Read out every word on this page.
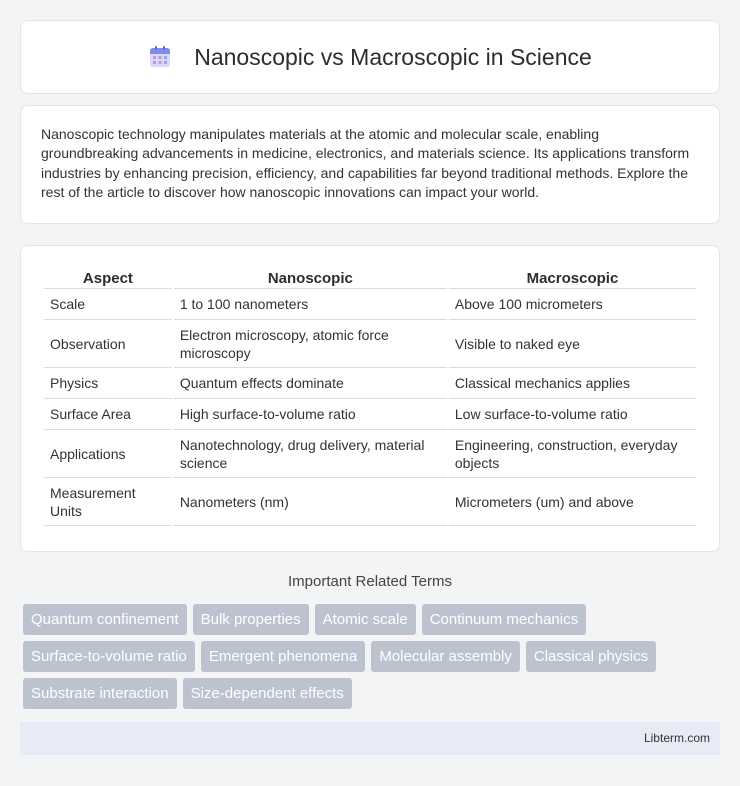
Nanoscopic vs Macroscopic in Science

Nanoscopic technology manipulates materials at the atomic and molecular scale, enabling groundbreaking advancements in medicine, electronics, and materials science. Its applications transform industries by enhancing precision, efficiency, and capabilities far beyond traditional methods. Explore the rest of the article to discover how nanoscopic innovations can impact your world.

Aspect	Nanoscopic	Macroscopic
Scale	1 to 100 nanometers	Above 100 micrometers
Observation	Electron microscopy, atomic force microscopy	Visible to naked eye
Physics	Quantum effects dominate	Classical mechanics applies
Surface Area	High surface-to-volume ratio	Low surface-to-volume ratio
Applications	Nanotechnology, drug delivery, material science	Engineering, construction, everyday objects
Measurement Units	Nanometers (nm)	Micrometers (um) and above
Important Related Terms
Quantum confinement	Bulk properties	Atomic scale	Continuum mechanics
Surface-to-volume ratio	Emergent phenomena	Molecular assembly	Classical physics
Substrate interaction	Size-dependent effects
Libterm.com
